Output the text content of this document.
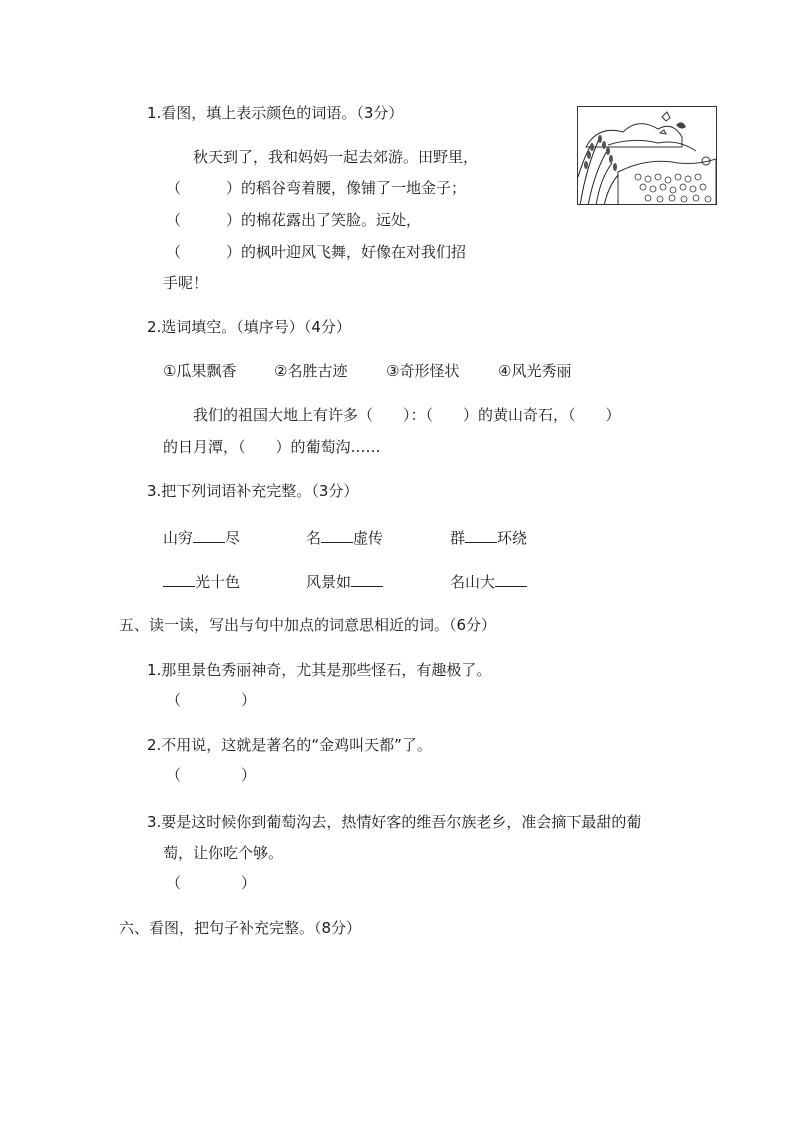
1.看图，填上表示颜色的词语。（3分）
秋天到了，我和妈妈一起去郊游。田野里，
（　　　）的稻谷弯着腰，像铺了一地金子；
（　　　）的棉花露出了笑脸。远处，
（　　　）的枫叶迎风飞舞，好像在对我们招
手呢！
2.选词填空。（填序号）（4分）
①瓜果飘香	②名胜古迹	③奇形怪状	④风光秀丽
我们的祖国大地上有许多（　　）：（　　）的黄山奇石，（　　）
的日月潭，（　　）的葡萄沟……
3.把下列词语补充完整。（3分）
山穷 尽	名 虚传	群 环绕
光十色	风景如	名山大
五、读一读，写出与句中加点的词意思相近的词。（6分）
1.那里景色秀丽神奇，尤其是那些怪石，有趣极了。
（　　　　）
2.不用说，这就是著名的“金鸡叫天都”了。
（　　　　）
3.要是这时候你到葡萄沟去，热情好客的维吾尔族老乡，准会摘下最甜的葡
萄，让你吃个够。
（　　　　）
六、看图，把句子补充完整。（8分）
